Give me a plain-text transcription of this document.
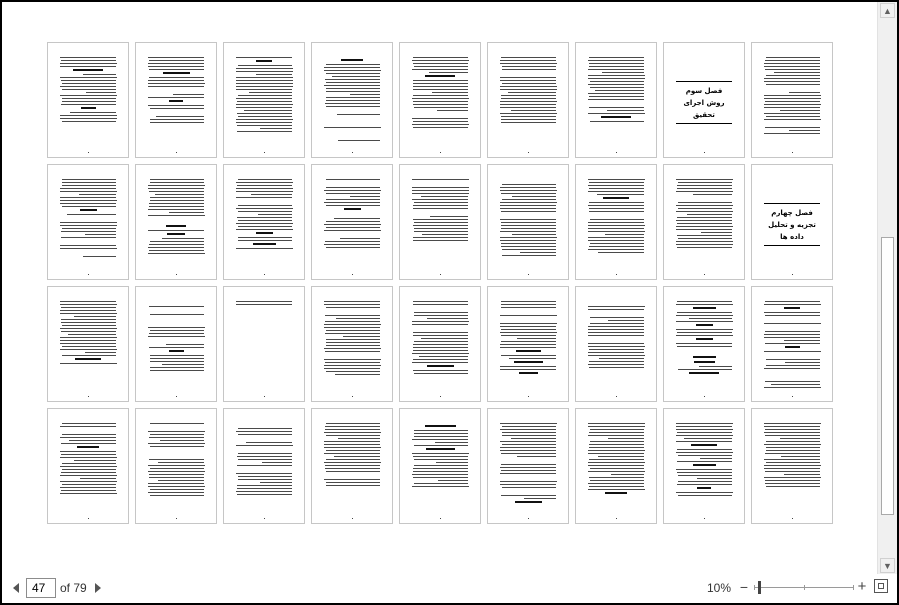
فصل سوم
روش اجرای تحقیق
فصل چهارم
تجزیه و تحلیل داده ها
▲
▼
47
of 79	10% −	+
